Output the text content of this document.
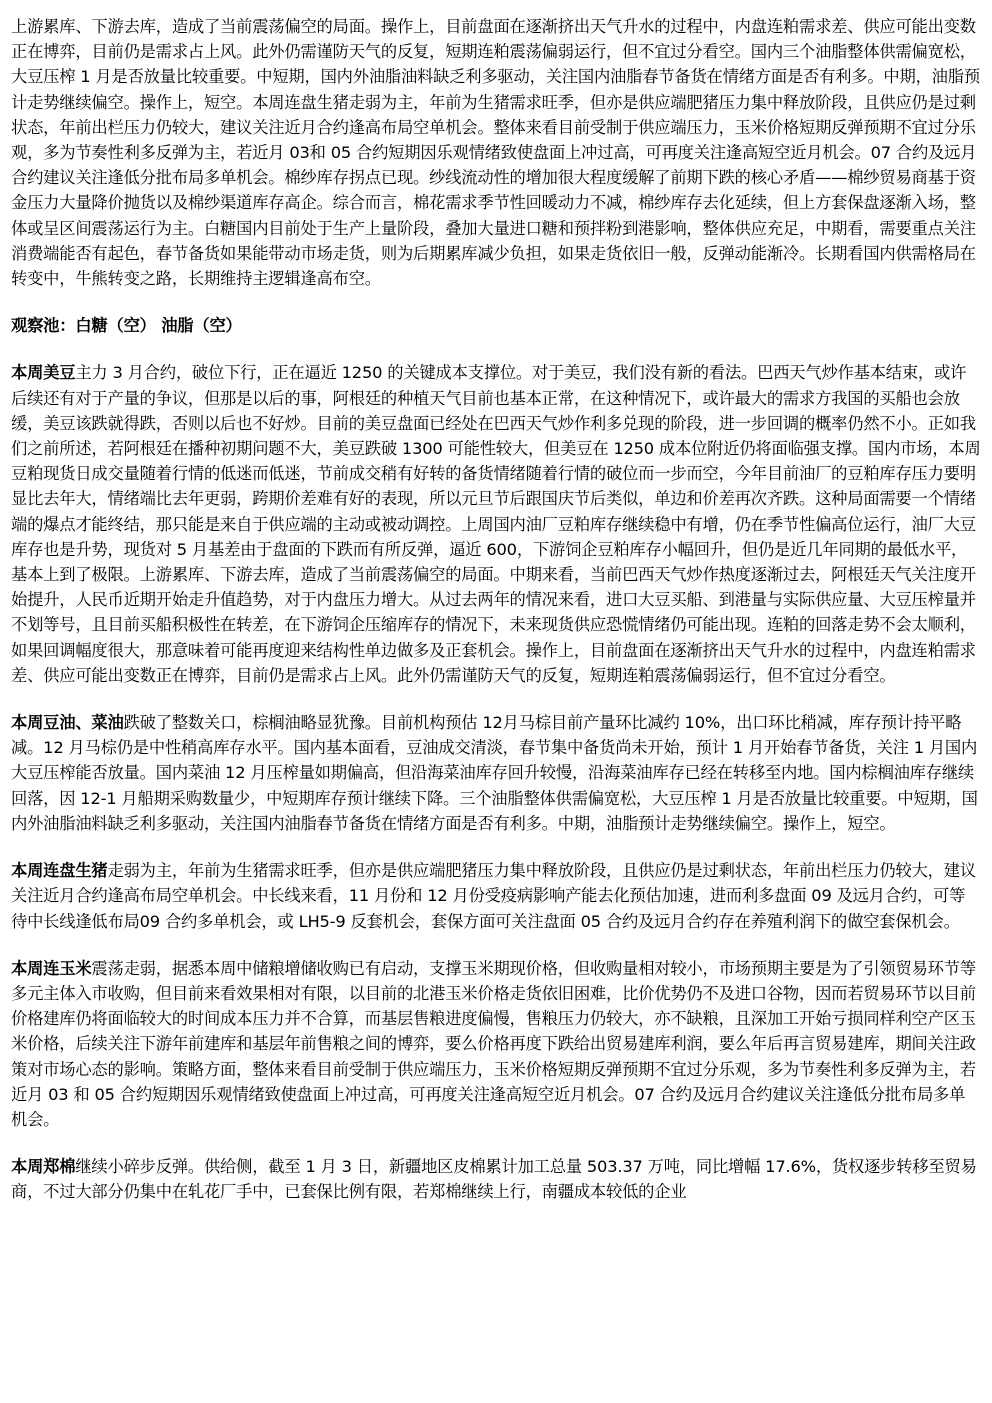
上游累库、下游去库，造成了当前震荡偏空的局面。操作上，目前盘面在逐渐挤出天气升水的过程中，内盘连粕需求差、供应可能出变数正在博弈，目前仍是需求占上风。此外仍需谨防天气的反复，短期连粕震荡偏弱运行，但不宜过分看空。国内三个油脂整体供需偏宽松，大豆压榨 1 月是否放量比较重要。中短期，国内外油脂油料缺乏利多驱动，关注国内油脂春节备货在情绪方面是否有利多。中期，油脂预计走势继续偏空。操作上，短空。本周连盘生猪走弱为主，年前为生猪需求旺季，但亦是供应端肥猪压力集中释放阶段，且供应仍是过剩状态，年前出栏压力仍较大，建议关注近月合约逢高布局空单机会。整体来看目前受制于供应端压力，玉米价格短期反弹预期不宜过分乐观，多为节奏性利多反弹为主，若近月 03和 05 合约短期因乐观情绪致使盘面上冲过高，可再度关注逢高短空近月机会。07 合约及远月合约建议关注逢低分批布局多单机会。棉纱库存拐点已现。纱线流动性的增加很大程度缓解了前期下跌的核心矛盾——棉纱贸易商基于资金压力大量降价抛货以及棉纱渠道库存高企。综合而言，棉花需求季节性回暖动力不减，棉纱库存去化延续，但上方套保盘逐渐入场，整体或呈区间震荡运行为主。白糖国内目前处于生产上量阶段，叠加大量进口糖和预拌粉到港影响，整体供应充足，中期看，需要重点关注消费端能否有起色，春节备货如果能带动市场走货，则为后期累库减少负担，如果走货依旧一般，反弹动能渐冷。长期看国内供需格局在转变中，牛熊转变之路，长期维持主逻辑逢高布空。

观察池：白糖（空） 油脂（空）

本周美豆主力 3 月合约，破位下行，正在逼近 1250 的关键成本支撑位。对于美豆，我们没有新的看法。巴西天气炒作基本结束，或许后续还有对于产量的争议，但那是以后的事，阿根廷的种植天气目前也基本正常，在这种情况下，或许最大的需求方我国的买船也会放缓，美豆该跌就得跌，否则以后也不好炒。目前的美豆盘面已经处在巴西天气炒作利多兑现的阶段，进一步回调的概率仍然不小。正如我们之前所述，若阿根廷在播种初期问题不大，美豆跌破 1300 可能性较大，但美豆在 1250 成本位附近仍将面临强支撑。国内市场，本周豆粕现货日成交量随着行情的低迷而低迷，节前成交稍有好转的备货情绪随着行情的破位而一步而空，今年目前油厂的豆粕库存压力要明显比去年大，情绪端比去年更弱，跨期价差难有好的表现，所以元旦节后跟国庆节后类似，单边和价差再次齐跌。这种局面需要一个情绪端的爆点才能终结，那只能是来自于供应端的主动或被动调控。上周国内油厂豆粕库存继续稳中有增，仍在季节性偏高位运行，油厂大豆库存也是升势，现货对 5 月基差由于盘面的下跌而有所反弹，逼近 600，下游饲企豆粕库存小幅回升，但仍是近几年同期的最低水平，基本上到了极限。上游累库、下游去库，造成了当前震荡偏空的局面。中期来看，当前巴西天气炒作热度逐渐过去，阿根廷天气关注度开始提升，人民币近期开始走升值趋势，对于内盘压力增大。从过去两年的情况来看，进口大豆买船、到港量与实际供应量、大豆压榨量并不划等号，且目前买船积极性在转差，在下游饲企压缩库存的情况下，未来现货供应恐慌情绪仍可能出现。连粕的回落走势不会太顺利，如果回调幅度很大，那意味着可能再度迎来结构性单边做多及正套机会。操作上，目前盘面在逐渐挤出天气升水的过程中，内盘连粕需求差、供应可能出变数正在博弈，目前仍是需求占上风。此外仍需谨防天气的反复，短期连粕震荡偏弱运行，但不宜过分看空。

本周豆油、菜油跌破了整数关口，棕榈油略显犹豫。目前机构预估 12月马棕目前产量环比减约 10%，出口环比稍减，库存预计持平略减。12 月马棕仍是中性稍高库存水平。国内基本面看，豆油成交清淡，春节集中备货尚未开始，预计 1 月开始春节备货，关注 1 月国内大豆压榨能否放量。国内菜油 12 月压榨量如期偏高，但沿海菜油库存回升较慢，沿海菜油库存已经在转移至内地。国内棕榈油库存继续回落，因 12-1 月船期采购数量少，中短期库存预计继续下降。三个油脂整体供需偏宽松，大豆压榨 1 月是否放量比较重要。中短期，国内外油脂油料缺乏利多驱动，关注国内油脂春节备货在情绪方面是否有利多。中期，油脂预计走势继续偏空。操作上，短空。

本周连盘生猪走弱为主，年前为生猪需求旺季，但亦是供应端肥猪压力集中释放阶段，且供应仍是过剩状态，年前出栏压力仍较大，建议关注近月合约逢高布局空单机会。中长线来看，11 月份和 12 月份受疫病影响产能去化预估加速，进而利多盘面 09 及远月合约，可等待中长线逢低布局09 合约多单机会，或 LH5-9 反套机会，套保方面可关注盘面 05 合约及远月合约存在养殖利润下的做空套保机会。

本周连玉米震荡走弱，据悉本周中储粮增储收购已有启动，支撑玉米期现价格，但收购量相对较小，市场预期主要是为了引领贸易环节等多元主体入市收购，但目前来看效果相对有限，以目前的北港玉米价格走货依旧困难，比价优势仍不及进口谷物，因而若贸易环节以目前价格建库仍将面临较大的时间成本压力并不合算，而基层售粮进度偏慢，售粮压力仍较大，亦不缺粮，且深加工开始亏损同样利空产区玉米价格，后续关注下游年前建库和基层年前售粮之间的博弈，要么价格再度下跌给出贸易建库利润，要么年后再言贸易建库，期间关注政策对市场心态的影响。策略方面，整体来看目前受制于供应端压力，玉米价格短期反弹预期不宜过分乐观，多为节奏性利多反弹为主，若近月 03 和 05 合约短期因乐观情绪致使盘面上冲过高，可再度关注逢高短空近月机会。07 合约及远月合约建议关注逢低分批布局多单机会。

本周郑棉继续小碎步反弹。供给侧，截至 1 月 3 日，新疆地区皮棉累计加工总量 503.37 万吨，同比增幅 17.6%，货权逐步转移至贸易商，不过大部分仍集中在轧花厂手中，已套保比例有限，若郑棉继续上行，南疆成本较低的企业
